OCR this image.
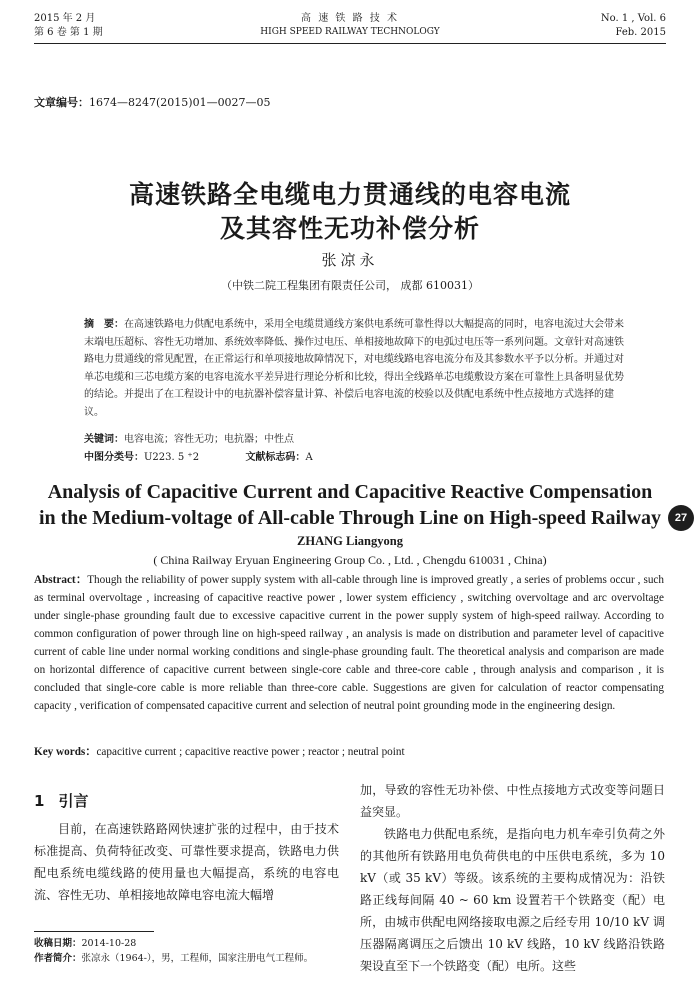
2015 年 2 月
第 6 卷 第 1 期
高 速 铁 路 技 术
HIGH SPEED RAILWAY TECHNOLOGY
No. 1 , Vol. 6
Feb. 2015
文章编号：1674—8247(2015)01—0027—05
高速铁路全电缆电力贯通线的电容电流
及其容性无功补偿分析
张凉永
（中铁二院工程集团有限责任公司， 成都 610031）
摘　要：在高速铁路电力供配电系统中，采用全电缆贯通线方案供电系统可靠性得以大幅提高的同时，电容电流过大会带来末端电压超标、容性无功增加、系统效率降低、操作过电压、单相接地故障下的电弧过电压等一系列问题。文章针对高速铁路电力贯通线的常见配置，在正常运行和单项接地故障情况下，对电缆线路电容电流分布及其参数水平予以分析。并通过对单芯电缆和三芯电缆方案的电容电流水平差异进行理论分析和比较，得出全线路单芯电缆敷设方案在可靠性上具备明显优势的结论。并提出了在工程设计中的电抗器补偿容量计算、补偿后电容电流的校验以及供配电系统中性点接地方式选择的建议。
关键词：电容电流；容性无功；电抗器；中性点
中图分类号：U223. 5 ⁺2	文献标志码：A
Analysis of Capacitive Current and Capacitive Reactive Compensation
in the Medium-voltage of All-cable Through Line on High-speed Railway	27
ZHANG Liangyong
( China Railway Eryuan Engineering Group Co. , Ltd. , Chengdu 610031 , China)
Abstract：Though the reliability of power supply system with all-cable through line is improved greatly , a series of problems occur , such as terminal overvoltage , increasing of capacitive reactive power , lower system efficiency , switching overvoltage and arc overvoltage under single-phase grounding fault due to excessive capacitive current in the power supply system of high-speed railway. According to common configuration of power through line on high-speed railway , an analysis is made on distribution and parameter level of capacitive current of cable line under normal working conditions and single-phase grounding fault. The theoretical analysis and comparison are made on horizontal difference of capacitive current between single-core cable and three-core cable , through analysis and comparison , it is concluded that single-core cable is more reliable than three-core cable. Suggestions are given for calculation of reactor compensating capacity , verification of compensated capacitive current and selection of neutral point grounding mode in the engineering design.
Key words：capacitive current ; capacitive reactive power ; reactor ; neutral point
1 引言
目前，在高速铁路路网快速扩张的过程中，由于技术标准提高、负荷特征改变、可靠性要求提高，铁路电力供配电系统电缆线路的使用量也大幅提高，系统的电容电流、容性无功、单相接地故障电容电流大幅增
收稿日期：2014-10-28
作者简介：张凉永（1964-），男，工程师，国家注册电气工程师。
加，导致的容性无功补偿、中性点接地方式改变等问题日益突显。
铁路电力供配电系统，是指向电力机车牵引负荷之外的其他所有铁路用电负荷供电的中压供电系统，多为 10 kV（或 35 kV）等级。该系统的主要构成情况为：沿铁路正线每间隔 40 ~ 60 km 设置若干个铁路变（配）电所，由城市供配电网络接取电源之后经专用 10/10 kV 调压器隔离调压之后馈出 10 kV 线路，10 kV 线路沿铁路架设直至下一个铁路变（配）电所。这些
